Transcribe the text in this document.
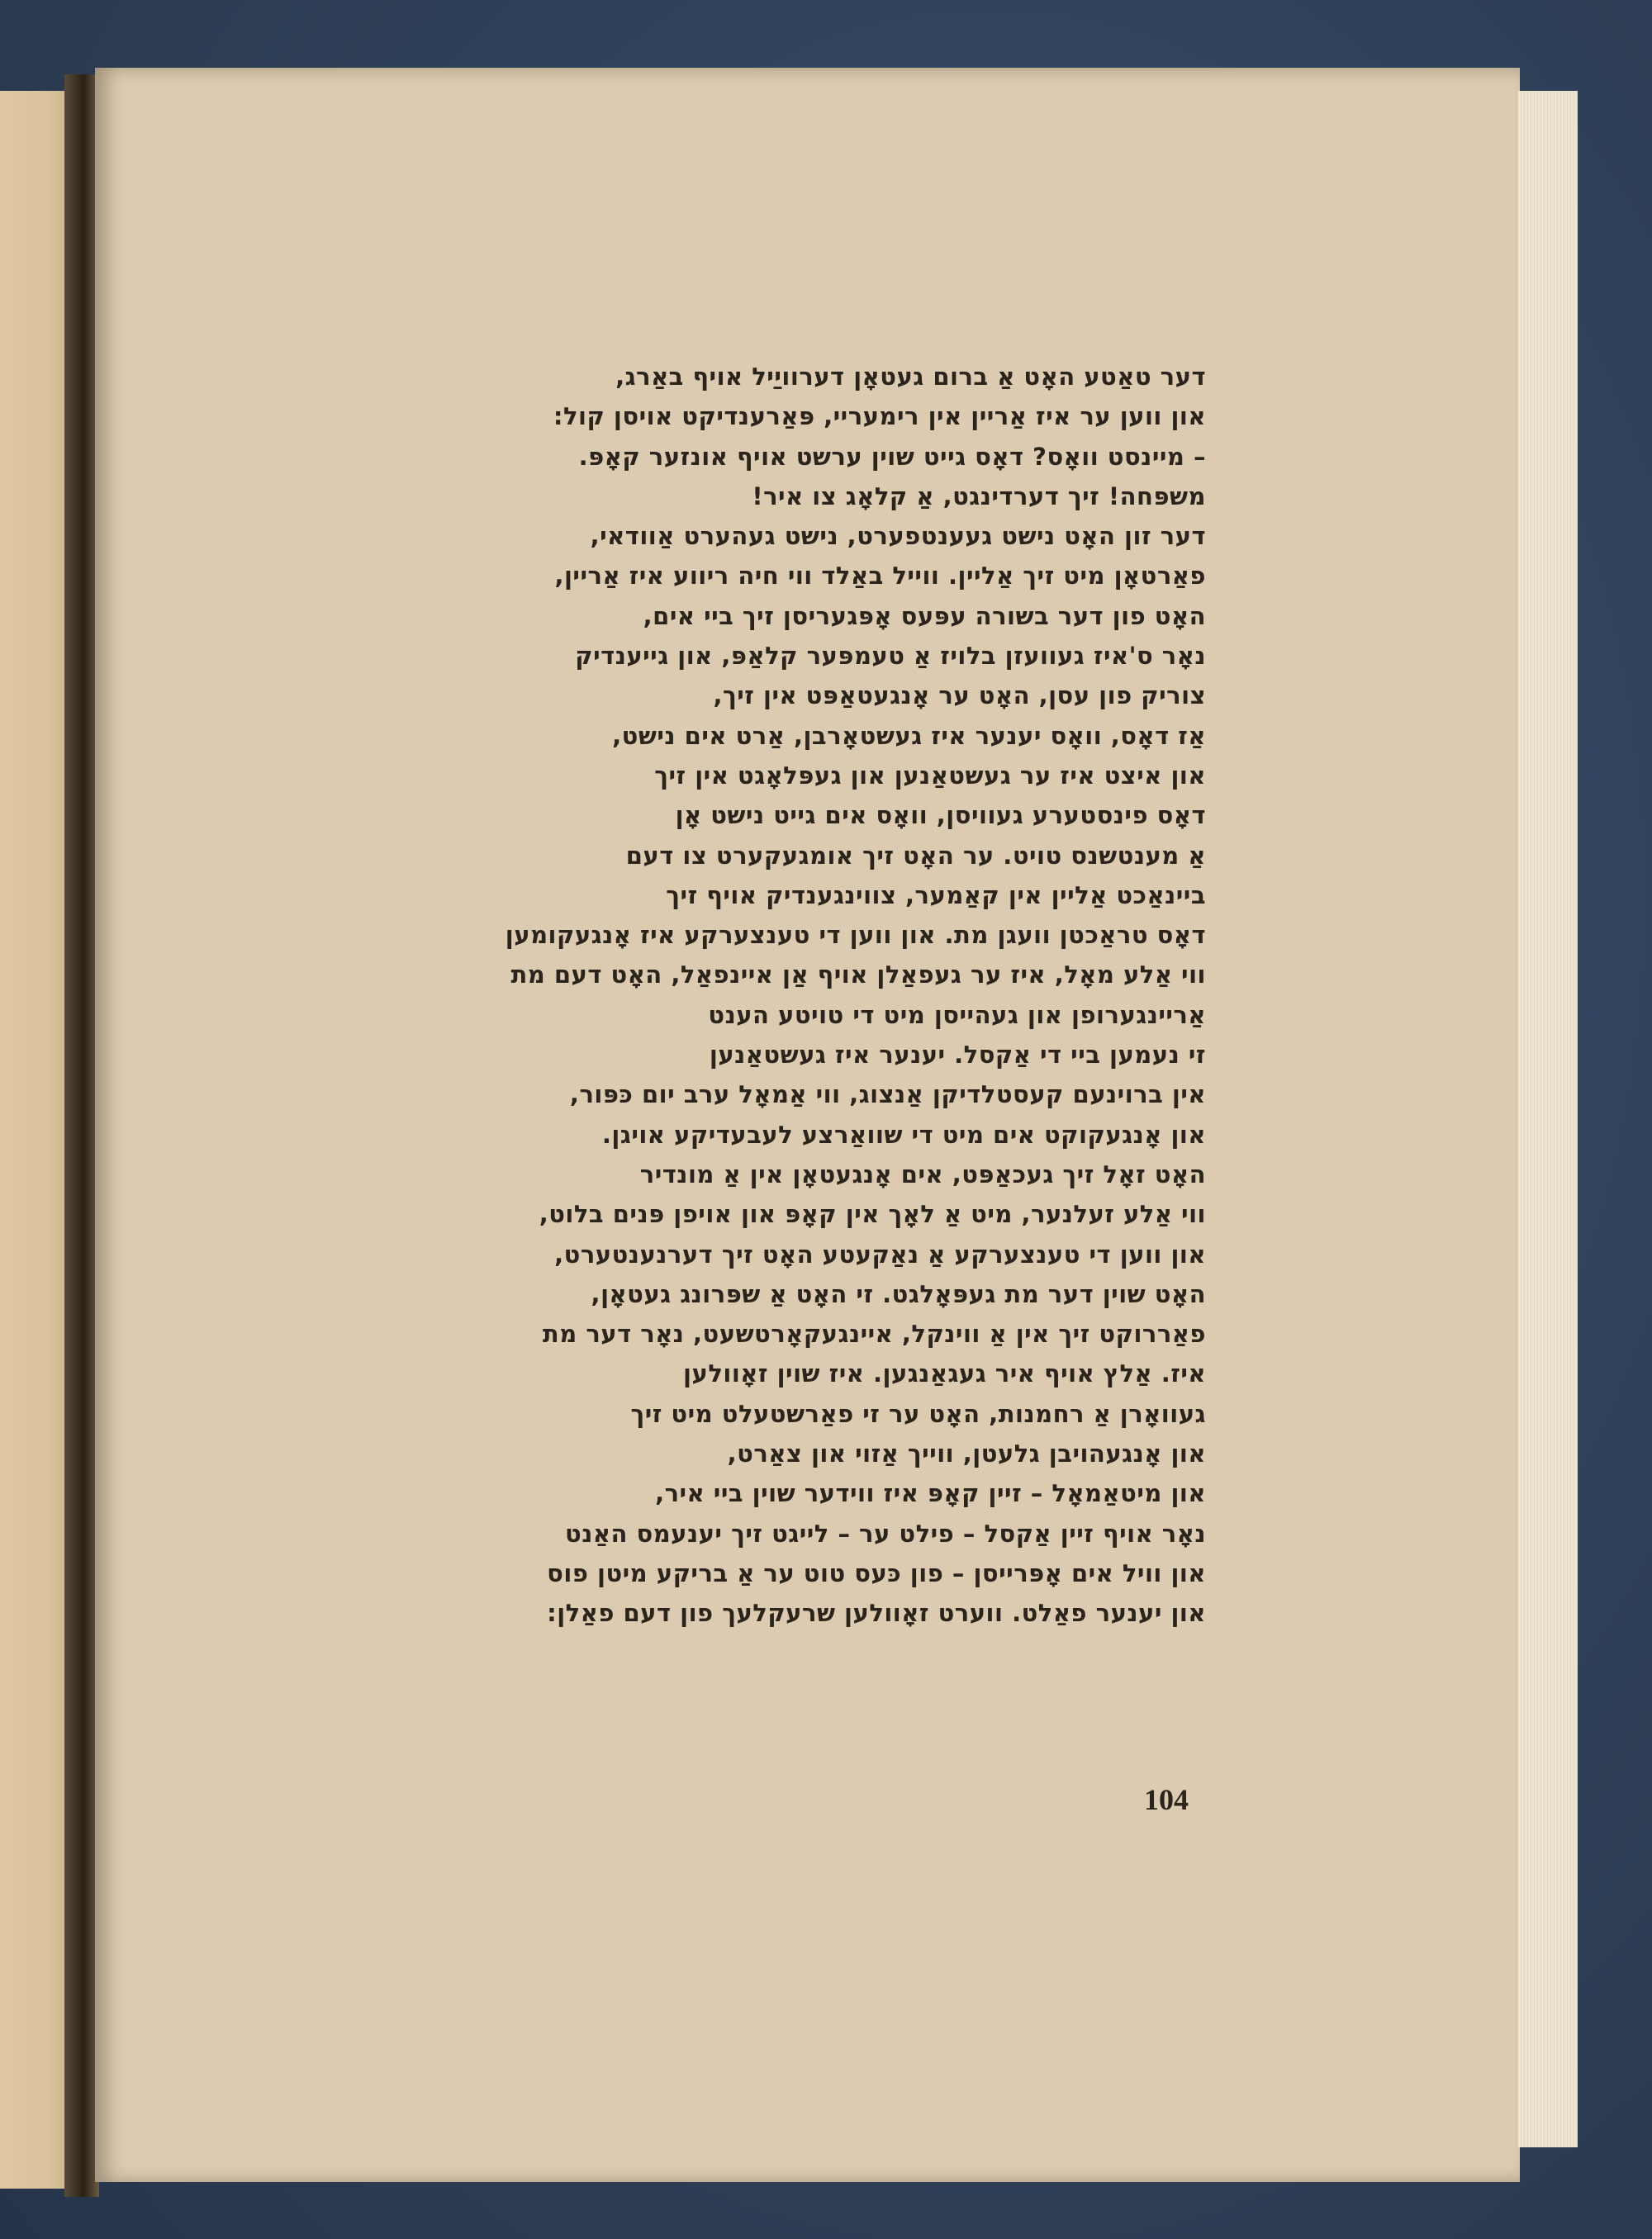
דער טאַטע האָט אַ ברום געטאָן דערוויַיל אויף באַרג,
און ווען ער איז אַריין אין רימעריי, פּאַרענדיקט אויסן קול:
– מיינסט וואָס? דאָס גייט שוין ערשט אויף אונזער קאָפּ.
משפּחה! זיך דערדינגט, אַ קלאָג צו איר!
דער זון האָט נישט געענטפערט, נישט געהערט אַוודאי,
פאַרטאָן מיט זיך אַליין. ווייל באַלד ווי חיה ריווע איז אַריין,
האָט פון דער בשורה עפּעס אָפּגעריסן זיך ביי אים,
נאָר ס'איז געוועזן בלויז אַ טעמפּער קלאַפּ, און גייענדיק
צוריק פון עסן, האָט ער אָנגעטאַפּט אין זיך,
אַז דאָס, וואָס יענער איז געשטאָרבן, אַרט אים נישט,
און איצט איז ער געשטאַנען און געפּלאָגט אין זיך
דאָס פינסטערע געוויסן, וואָס אים גייט נישט אָן
אַ מענטשנס טויט. ער האָט זיך אומגעקערט צו דעם
ביינאַכט אַליין אין קאַמער, צווינגענדיק אויף זיך
דאָס טראַכטן וועגן מת. און ווען די טענצערקע איז אָנגעקומען
ווי אַלע מאָל, איז ער געפאַלן אויף אַן איינפאַל, האָט דעם מת
אַריינגערופן און געהייסן מיט די טויטע הענט
זי נעמען ביי די אַקסל. יענער איז געשטאַנען
אין ברוינעם קעסטלדיקן אַנצוג, ווי אַמאָל ערב יום כּפּור,
און אָנגעקוקט אים מיט די שוואַרצע לעבעדיקע אויגן.
האָט זאָל זיך געכאַפּט, אים אָנגעטאָן אין אַ מונדיר
ווי אַלע זעלנער, מיט אַ לאָך אין קאָפּ און אויפן פּנים בלוט,
און ווען די טענצערקע אַ נאַקעטע האָט זיך דערנענטערט,
האָט שוין דער מת געפּאָלגט. זי האָט אַ שפּרונג געטאָן,
פאַררוקט זיך אין אַ ווינקל, איינגעקאָרטשעט, נאָר דער מת
איז. אַלץ אויף איר געגאַנגען. איז שוין זאָוולען
געוואָרן אַ רחמנות, האָט ער זי פאַרשטעלט מיט זיך
און אָנגעהויבן גלעטן, ווייך אַזוי און צאַרט,
און מיטאַמאָל – זיין קאָפּ איז ווידער שוין ביי איר,
נאָר אויף זיין אַקסל – פילט ער – לייגט זיך יענעמס האַנט
און וויל אים אָפּרייסן – פון כּעס טוט ער אַ בריקע מיטן פוס
און יענער פאַלט. ווערט זאָוולען שרעקלעך פון דעם פאַלן:
104
